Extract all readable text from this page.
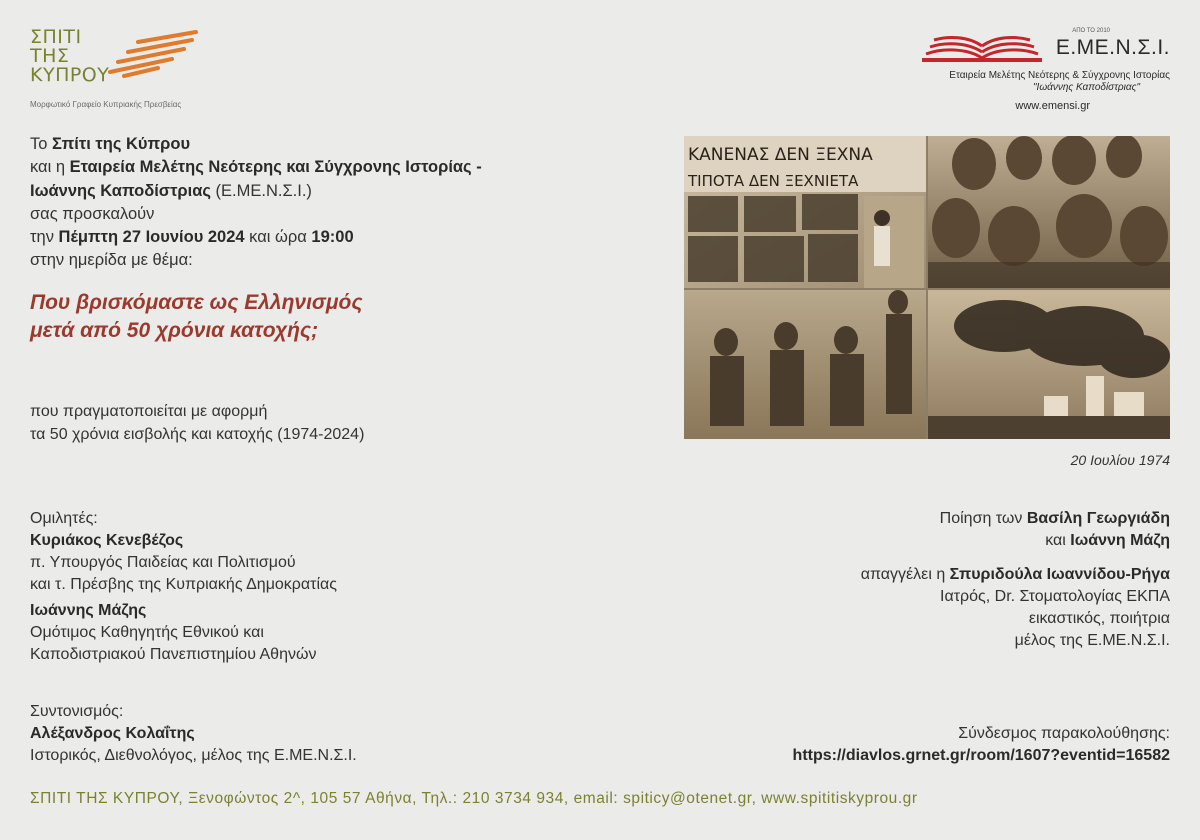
ΣΠΙΤΙ
ΤΗΣ
ΚΥΠΡΟΥ
Μορφωτικό Γραφείο Κυπριακής Πρεσβείας
ΑΠΟ ΤΟ 2010
Ε.ΜΕ.Ν.Σ.Ι.
Εταιρεία Μελέτης Νεότερης & Σύγχρονης Ιστορίας
"Ιωάννης Καποδίστριας"
www.emensi.gr
Το Σπίτι της Κύπρου
και η Εταιρεία Μελέτης Νεότερης και Σύγχρονης Ιστορίας -
Ιωάννης Καποδίστριας (Ε.ΜΕ.Ν.Σ.Ι.)
σας προσκαλούν
την Πέμπτη 27 Ιουνίου 2024 και ώρα 19:00
στην ημερίδα με θέμα:
Που βρισκόμαστε ως Ελληνισμός
μετά από 50 χρόνια κατοχής;
που πραγματοποιείται με αφορμή
τα 50 χρόνια εισβολής και κατοχής (1974-2024)
ΚΑΝΕΝΑΣ ΔΕΝ ΞΕΧΝΑ
ΤΙΠΟΤΑ ΔΕΝ ΞΕΧΝΙΕΤΑ
20 Ιουλίου 1974
Ομιλητές:
Κυριάκος Κενεβέζος
π. Υπουργός Παιδείας και Πολιτισμού
και τ. Πρέσβης της Κυπριακής Δημοκρατίας
Ιωάννης Μάζης
Ομότιμος Καθηγητής Εθνικού και
Καποδιστριακού Πανεπιστημίου Αθηνών
Ποίηση των Βασίλη Γεωργιάδη
και Ιωάννη Μάζη
απαγγέλει η Σπυριδούλα Ιωαννίδου-Ρήγα
Ιατρός, Dr. Στοματολογίας ΕΚΠΑ
εικαστικός, ποιήτρια
μέλος της Ε.ΜΕ.Ν.Σ.Ι.
Συντονισμός:
Αλέξανδρος Κολαΐτης
Ιστορικός, Διεθνολόγος, μέλος της Ε.ΜΕ.Ν.Σ.Ι.
Σύνδεσμος παρακολούθησης:
https://diavlos.grnet.gr/room/1607?eventid=16582
ΣΠΙΤΙ ΤΗΣ ΚΥΠΡΟΥ, Ξενοφώντος 2^, 105 57 Αθήνα, Τηλ.: 210 3734 934, email: spiticy@otenet.gr, www.spititiskyprou.gr
